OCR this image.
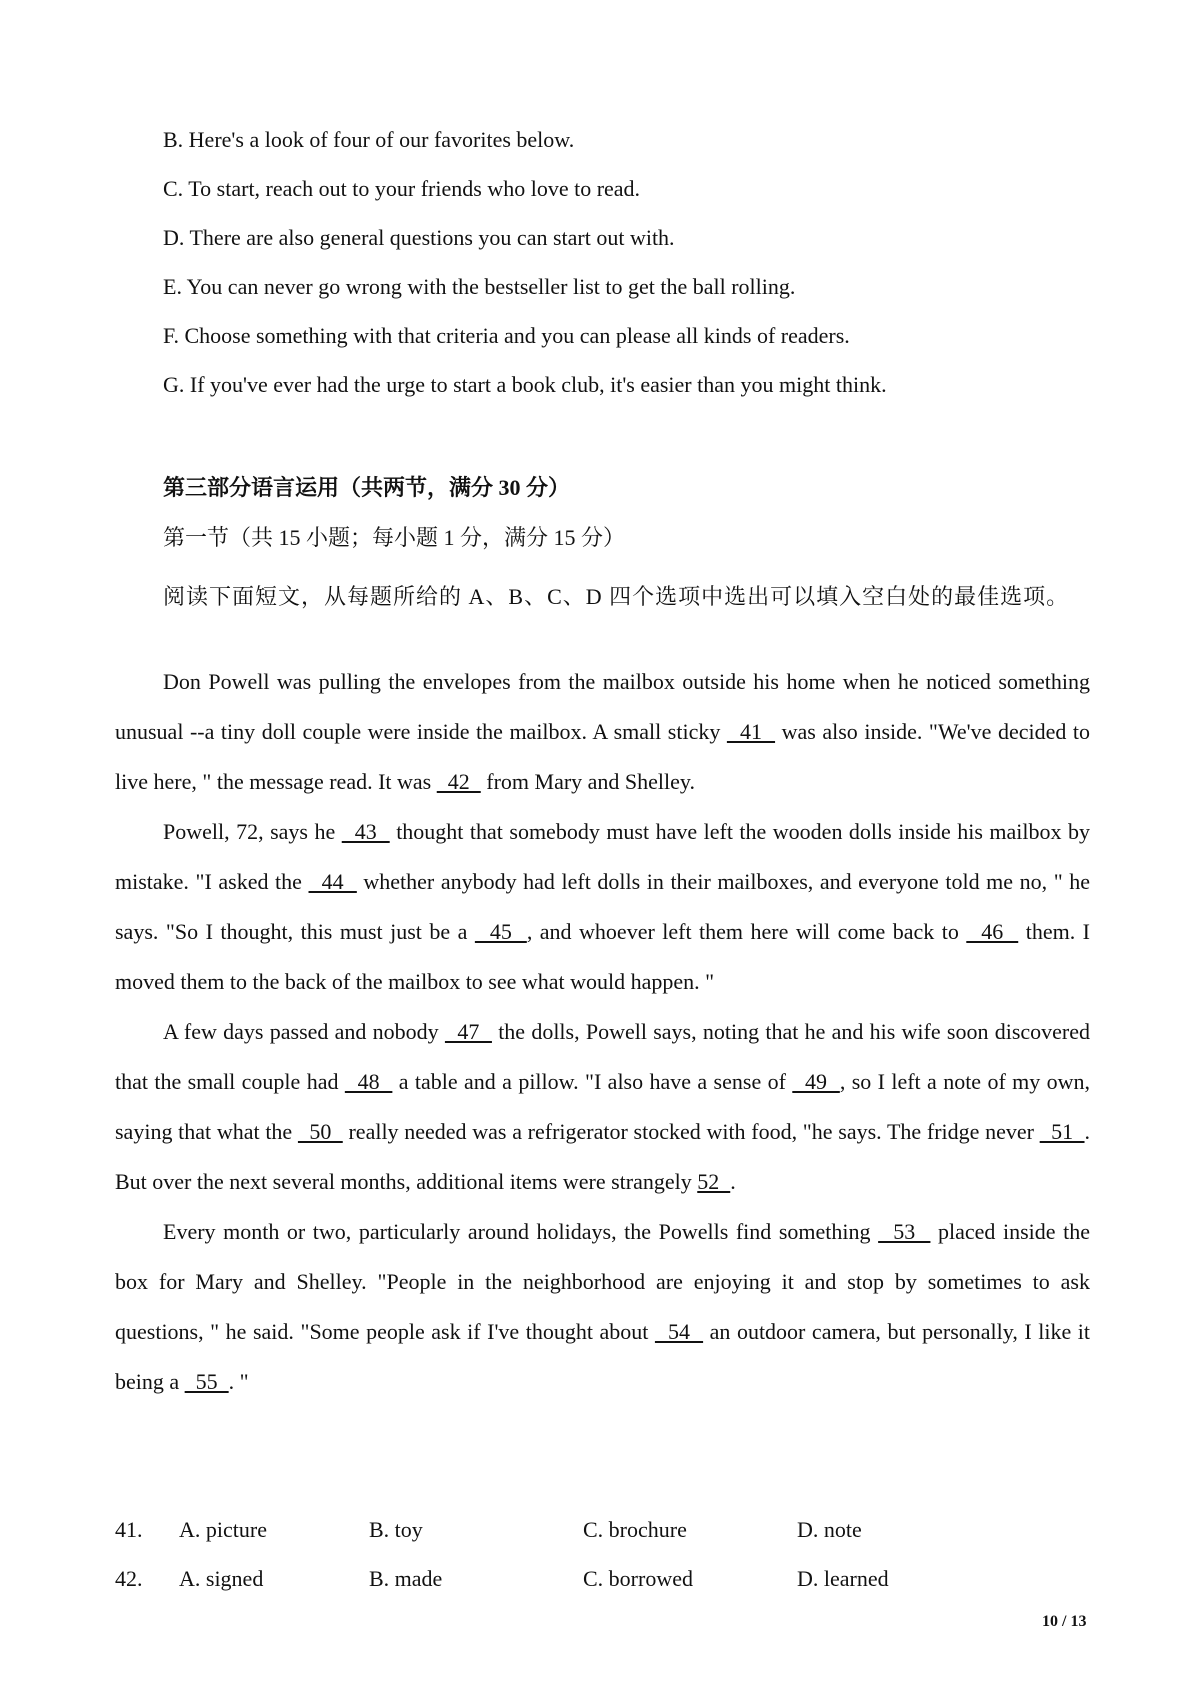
B. Here's a look of four of our favorites below.
C. To start, reach out to your friends who love to read.
D. There are also general questions you can start out with.
E. You can never go wrong with the bestseller list to get the ball rolling.
F. Choose something with that criteria and you can please all kinds of readers.
G. If you've ever had the urge to start a book club, it's easier than you might think.
第三部分语言运用（共两节，满分 30 分）
第一节（共 15 小题；每小题 1 分，满分 15 分）
阅读下面短文，从每题所给的 A、B、C、D 四个选项中选出可以填入空白处的最佳选项。

Don Powell was pulling the envelopes from the mailbox outside his home when he noticed something unusual --a tiny doll couple were inside the mailbox. A small sticky   41   was also inside. "We've decided to live here, " the message read. It was   42   from Mary and Shelley.

Powell, 72, says he   43   thought that somebody must have left the wooden dolls inside his mailbox by mistake. "I asked the   44   whether anybody had left dolls in their mailboxes, and everyone told me no, " he says. "So I thought, this must just be a   45  , and whoever left them here will come back to   46   them. I moved them to the back of the mailbox to see what would happen. "

A few days passed and nobody   47   the dolls, Powell says, noting that he and his wife soon discovered that the small couple had   48   a table and a pillow. "I also have a sense of   49  , so I left a note of my own, saying that what the   50   really needed was a refrigerator stocked with food, "he says. The fridge never   51  . But over the next several months, additional items were strangely 52  .

Every month or two, particularly around holidays, the Powells find something   53   placed inside the box for Mary and Shelley. "People in the neighborhood are enjoying it and stop by sometimes to ask questions, " he said. "Some people ask if I've thought about   54   an outdoor camera, but personally, I like it being a   55  . "

41. A. picture	B. toy	C. brochure	D. note
42. A. signed	B. made	C. borrowed	D. learned
10 / 13
